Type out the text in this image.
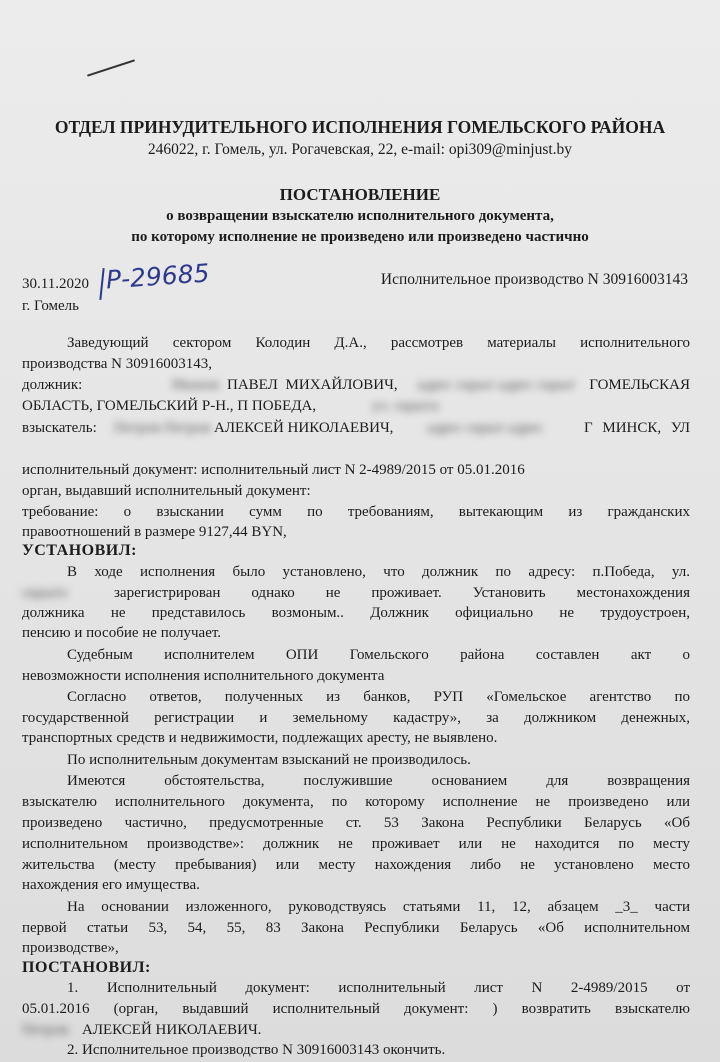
ОТДЕЛ ПРИНУДИТЕЛЬНОГО ИСПОЛНЕНИЯ ГОМЕЛЬСКОГО РАЙОНА
246022, г. Гомель, ул. Рогачевская, 22, e-mail: opi309@minjust.by
ПОСТАНОВЛЕНИЕ
о возвращении взыскателю исполнительного документа,
по которому исполнение не произведено или произведено частично
30.11.2020
г. Гомель
Р-29685	Исполнительное производство N 30916003143
Заведующий сектором Колодин Д.А., рассмотрев материалы исполнительного
производства N 30916003143,
должник:	Иванов ПАВЕЛ МИХАЙЛОВИЧ, адрес скрыт адрес скрыт ГОМЕЛЬСКАЯ
ОБЛАСТЬ, ГОМЕЛЬСКИЙ Р-Н., П ПОБЕДА,	ул. скрыта
взыскатель: Петров Петров АЛЕКСЕЙ НИКОЛАЕВИЧ, адрес скрыт адрес	Г МИНСК, УЛ
исполнительный документ: исполнительный лист N 2-4989/2015 от 05.01.2016
орган, выдавший исполнительный документ:
требование: о взыскании сумм по требованиям, вытекающим из гражданских
правоотношений в размере 9127,44 BYN,
УСТАНОВИЛ:
В ходе исполнения было установлено, что должник по адресу: п.Победа, ул.
скрыто	зарегистрирован однако не проживает. Установить местонахождения
должника не представилось возмоным.. Должник официально не трудоустроен,
пенсию и пособие не получает.
Судебным исполнителем ОПИ Гомельского района составлен акт о
невозможности исполнения исполнительного документа
Согласно ответов, полученных из банков, РУП «Гомельское агентство по
государственной регистрации и земельному кадастру», за должником денежных,
транспортных средств и недвижимости, подлежащих аресту, не выявлено.
По исполнительным документам взысканий не производилось.
Имеются обстоятельства, послужившие основанием для возвращения
взыскателю исполнительного документа, по которому исполнение не произведено или
произведено частично, предусмотренные ст. 53 Закона Республики Беларусь «Об
исполнительном производстве»: должник не проживает или не находится по месту
жительства (месту пребывания) или месту нахождения либо не установлено место
нахождения его имущества.
На основании изложенного, руководствуясь статьями 11, 12, абзацем _3_ части
первой статьи 53, 54, 55, 83 Закона Республики Беларусь «Об исполнительном
производстве»,
ПОСТАНОВИЛ:
1. Исполнительный документ: исполнительный лист N 2-4989/2015 от
05.01.2016 (орган, выдавший исполнительный документ: ) возвратить взыскателю
Петров АЛЕКСЕЙ НИКОЛАЕВИЧ.
2. Исполнительное производство N 30916003143 окончить.
